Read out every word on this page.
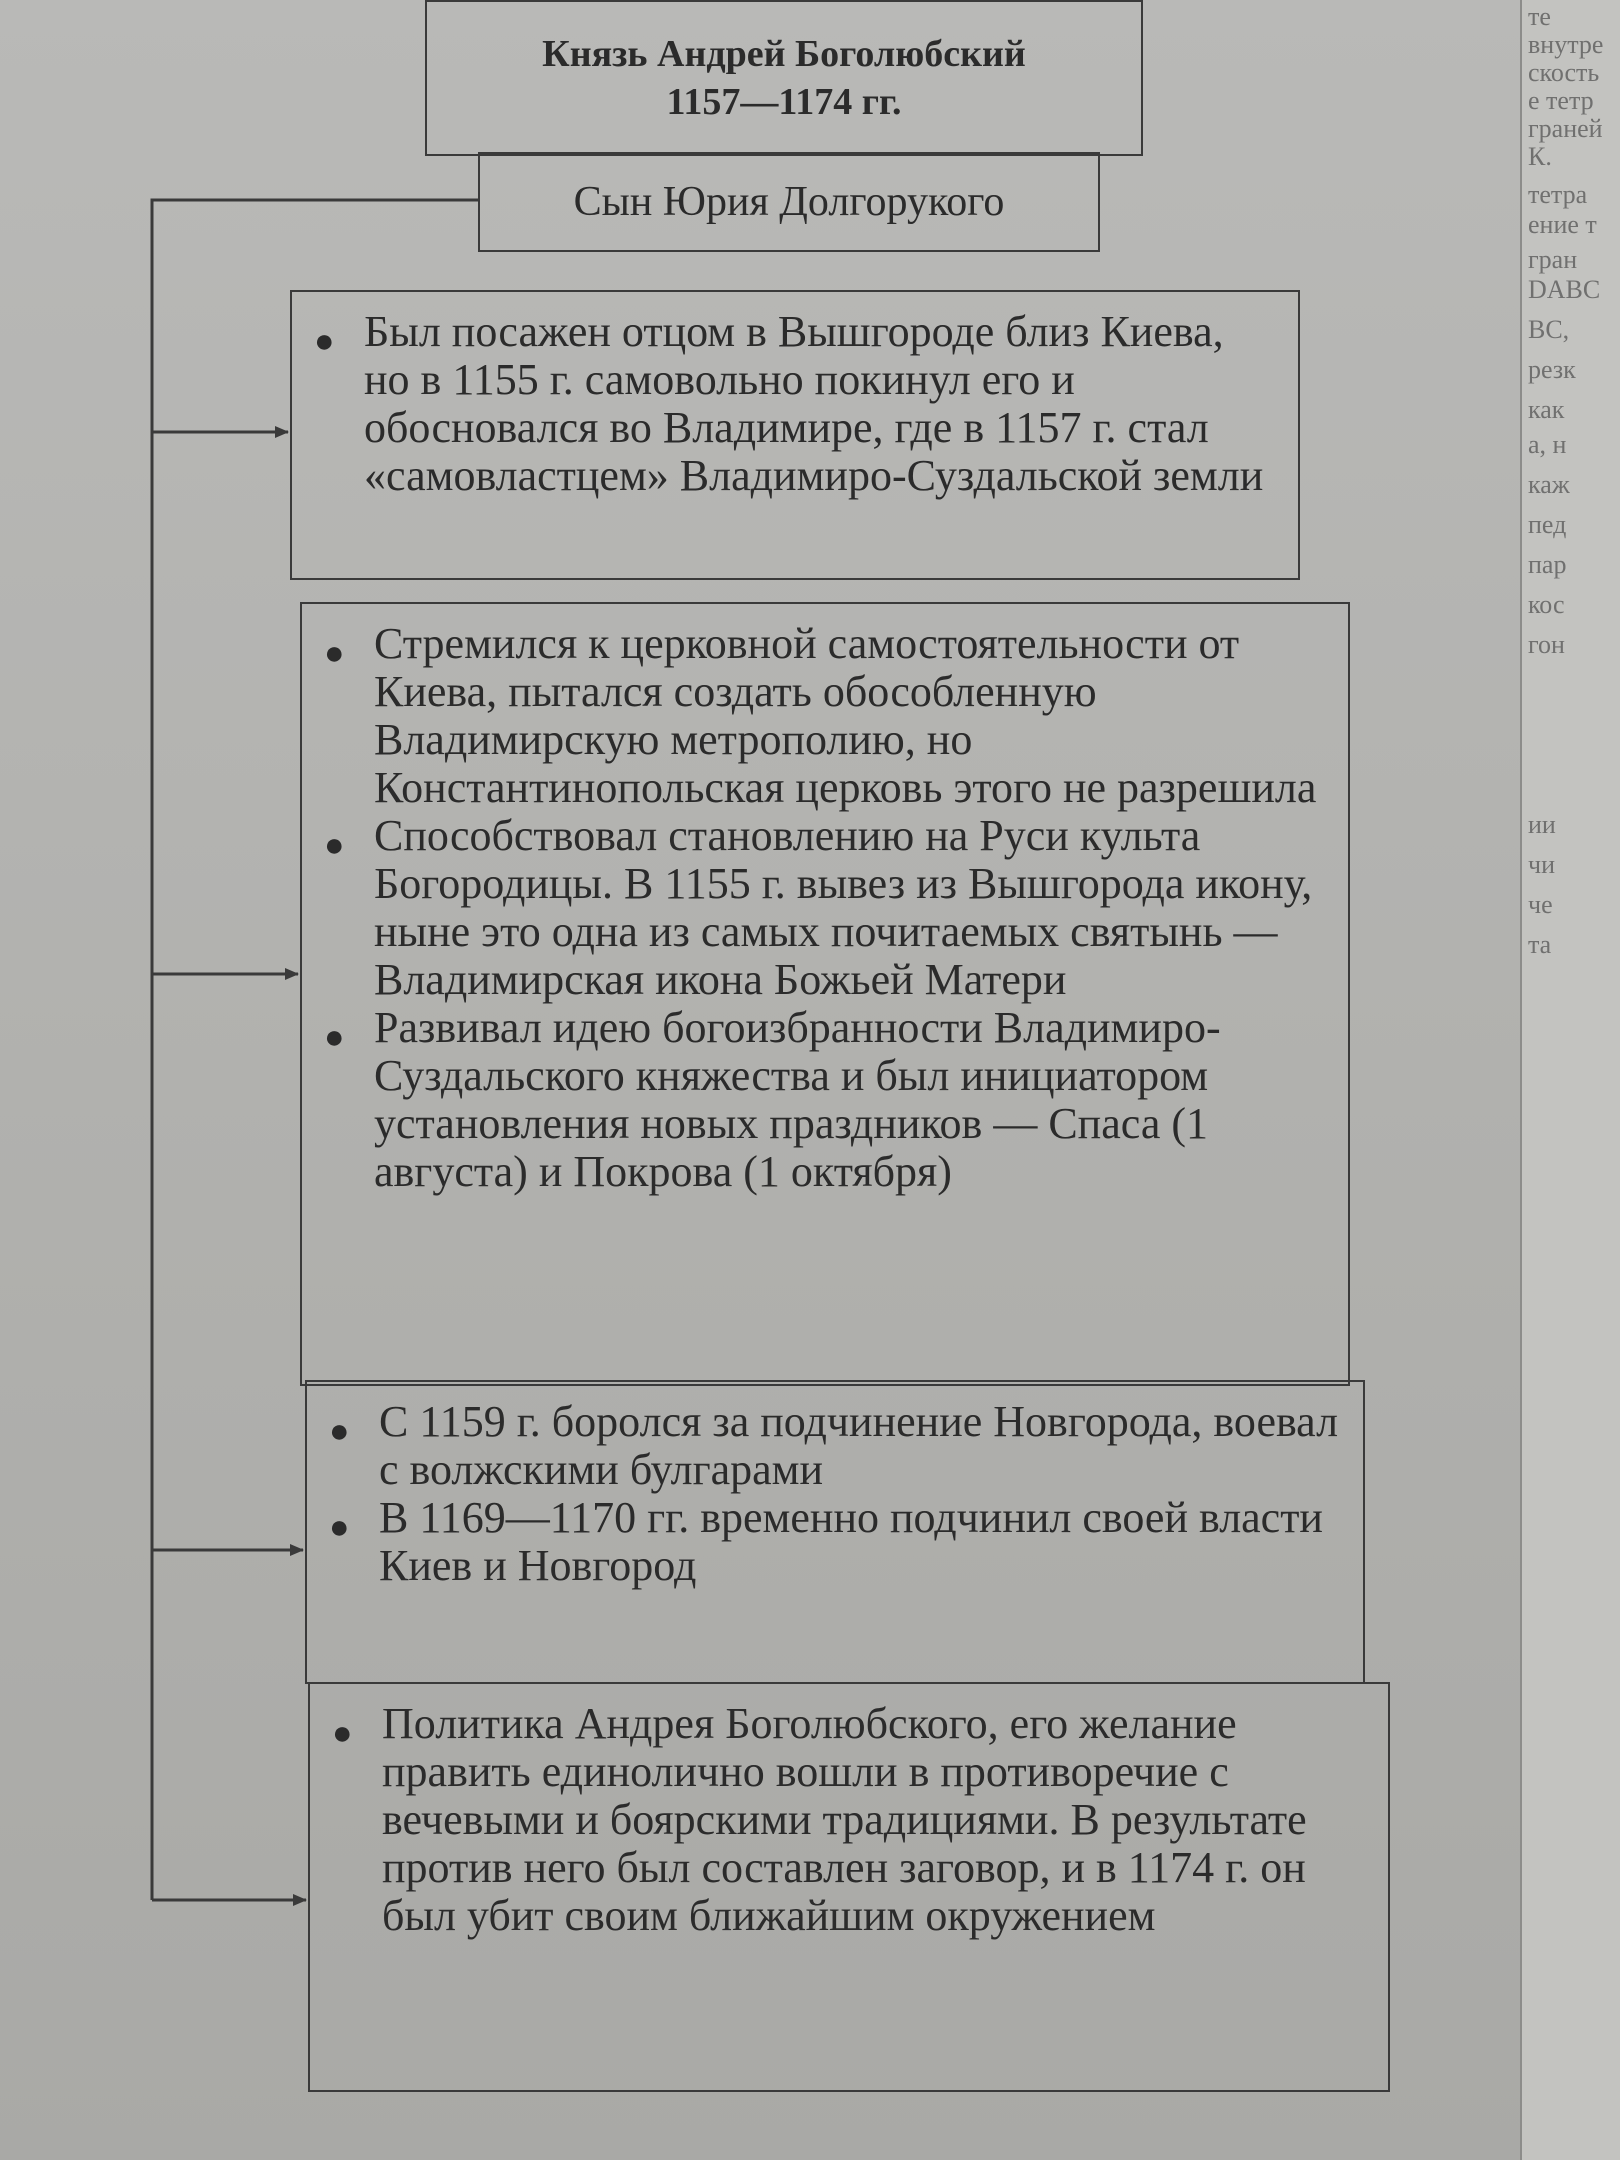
Князь Андрей Боголюбский
1157—1174 гг.
Сын Юрия Долгорукого
● Был посажен отцом в Вышгороде близ Киева, но в 1155 г. самовольно покинул его и обосновался во Владимире, где в 1157 г. стал «самовластцем» Владимиро-Суздальской земли
● Стремился к церковной самостоятельности от Киева, пытался создать обособленную Владимирскую метрополию, но Константинопольская церковь этого не разрешила
● Способствовал становлению на Руси культа Богородицы. В 1155 г. вывез из Вышгорода икону, ныне это одна из самых почитаемых святынь — Владимирская икона Божьей Матери
● Развивал идею богоизбранности Владимиро-Суздальского княжества и был инициатором установления новых праздников — Спаса (1 августа) и Покрова (1 октября)
● С 1159 г. боролся за подчинение Новгорода, воевал с волжскими булгарами
● В 1169—1170 гг. временно подчинил своей власти Киев и Новгород
● Политика Андрея Боголюбского, его желание править единолично вошли в противоречие с вечевыми и боярскими традициями. В результате против него был составлен заговор, и в 1174 г. он был убит своим ближайшим окружением
те
внутре
скость
е тетр
граней
К.
тетра
ение т
гран
DABC
BC,
резк
как
а, н
каж
пед
пар
кос
гон
ии
чи
че
та
